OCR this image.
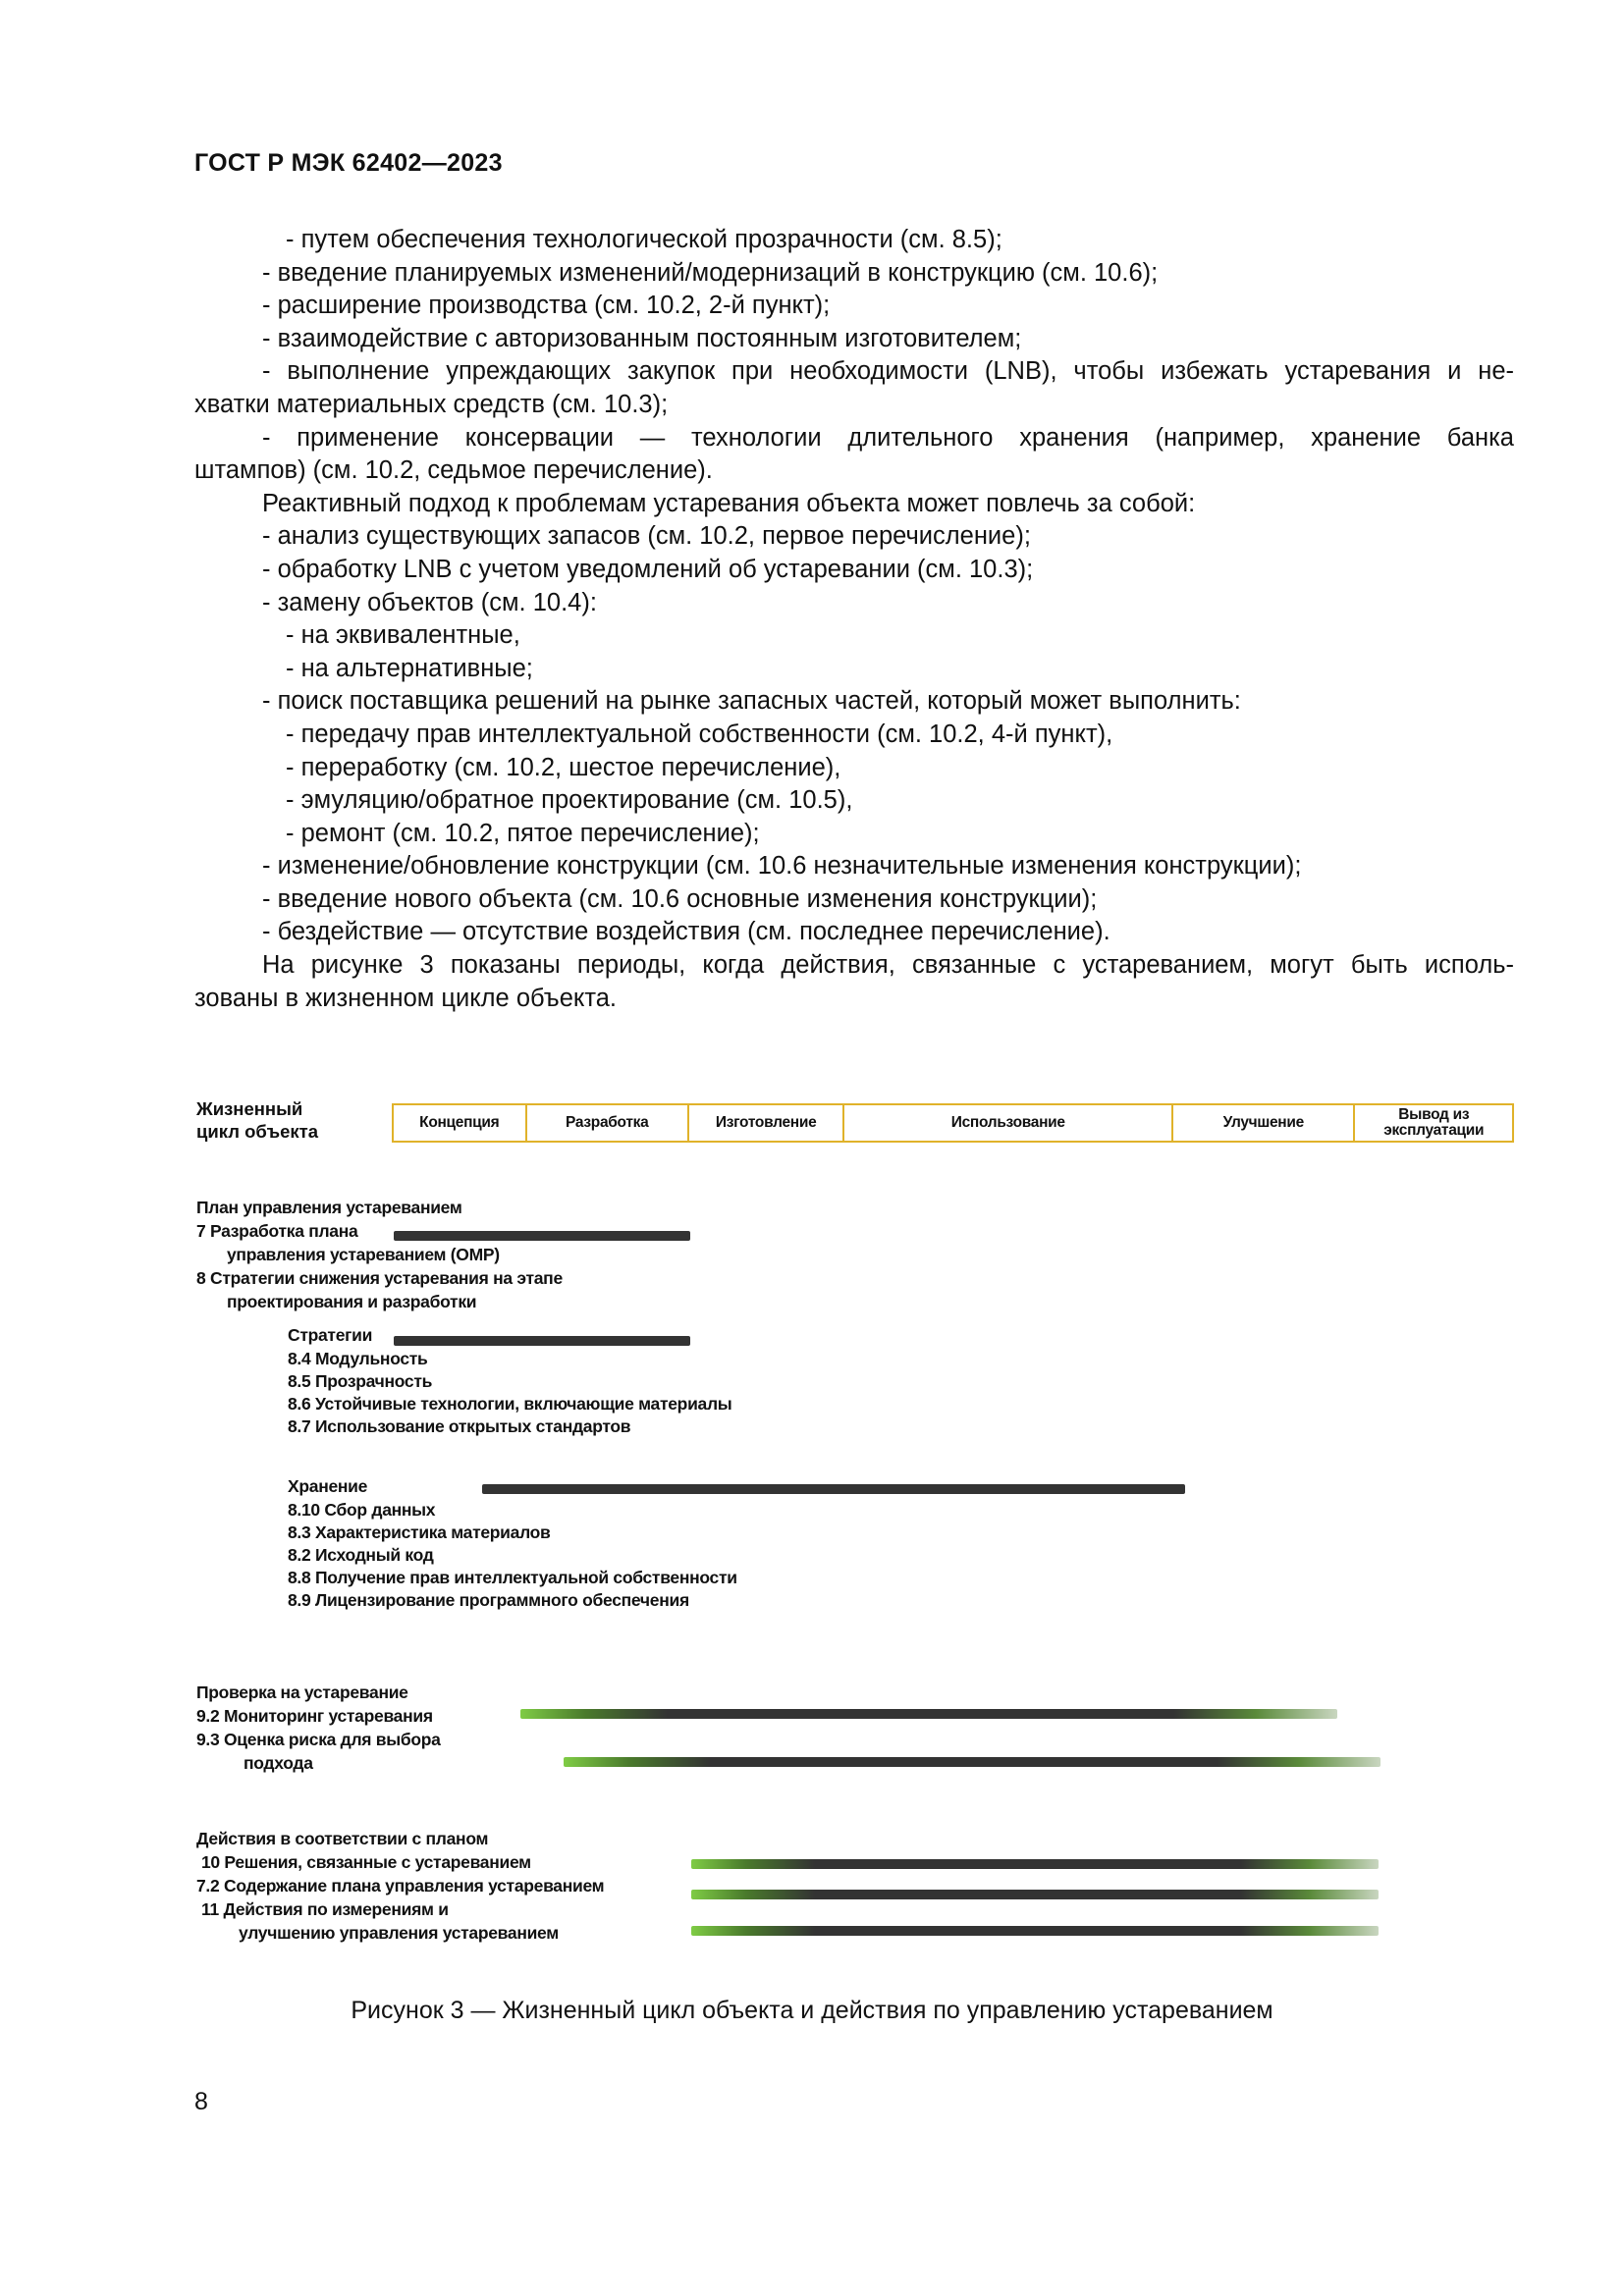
ГОСТ Р МЭК 62402—2023
- путем обеспечения технологической прозрачности (см. 8.5);
- введение планируемых изменений/модернизаций в конструкцию (см. 10.6);
- расширение производства (см. 10.2, 2-й пункт);
- взаимодействие с авторизованным постоянным изготовителем;
- выполнение упреждающих закупок при необходимости (LNB), чтобы избежать устаревания и не-
хватки материальных средств (см. 10.3);
- применение консервации — технологии длительного хранения (например, хранение банка
штампов) (см. 10.2, седьмое перечисление).
Реактивный подход к проблемам устаревания объекта может повлечь за собой:
- анализ существующих запасов (см. 10.2, первое перечисление);
- обработку LNB с учетом уведомлений об устаревании (см. 10.3);
- замену объектов (см. 10.4):
- на эквивалентные,
- на альтернативные;
- поиск поставщика решений на рынке запасных частей, который может выполнить:
- передачу прав интеллектуальной собственности (см. 10.2, 4-й пункт),
- переработку (см. 10.2, шестое перечисление),
- эмуляцию/обратное проектирование (см. 10.5),
- ремонт (см. 10.2, пятое перечисление);
- изменение/обновление конструкции (см. 10.6 незначительные изменения конструкции);
- введение нового объекта (см. 10.6 основные изменения конструкции);
- бездействие — отсутствие воздействия (см. последнее перечисление).
На рисунке 3 показаны периоды, когда действия, связанные с устареванием, могут быть исполь-
зованы в жизненном цикле объекта.
Жизненный
цикл объекта	Концепция	Разработка	Изготовление	Использование	Улучшение	Вывод из эксплуатации
План управления устареванием
7 Разработка плана
управления устареванием (OMP)
8 Стратегии снижения устаревания на этапе
проектирования и разработки
Стратегии
8.4 Модульность
8.5 Прозрачность
8.6 Устойчивые технологии, включающие материалы
8.7 Использование открытых стандартов
Хранение
8.10 Сбор данных
8.3 Характеристика материалов
8.2 Исходный код
8.8 Получение прав интеллектуальной собственности
8.9 Лицензирование программного обеспечения
Проверка на устаревание
9.2 Мониторинг устаревания
9.3 Оценка риска для выбора
подхода
Действия в соответствии с планом
10 Решения, связанные с устареванием
7.2 Содержание плана управления устареванием
11 Действия по измерениям и
улучшению управления устареванием
Рисунок 3 — Жизненный цикл объекта и действия по управлению устареванием
8
